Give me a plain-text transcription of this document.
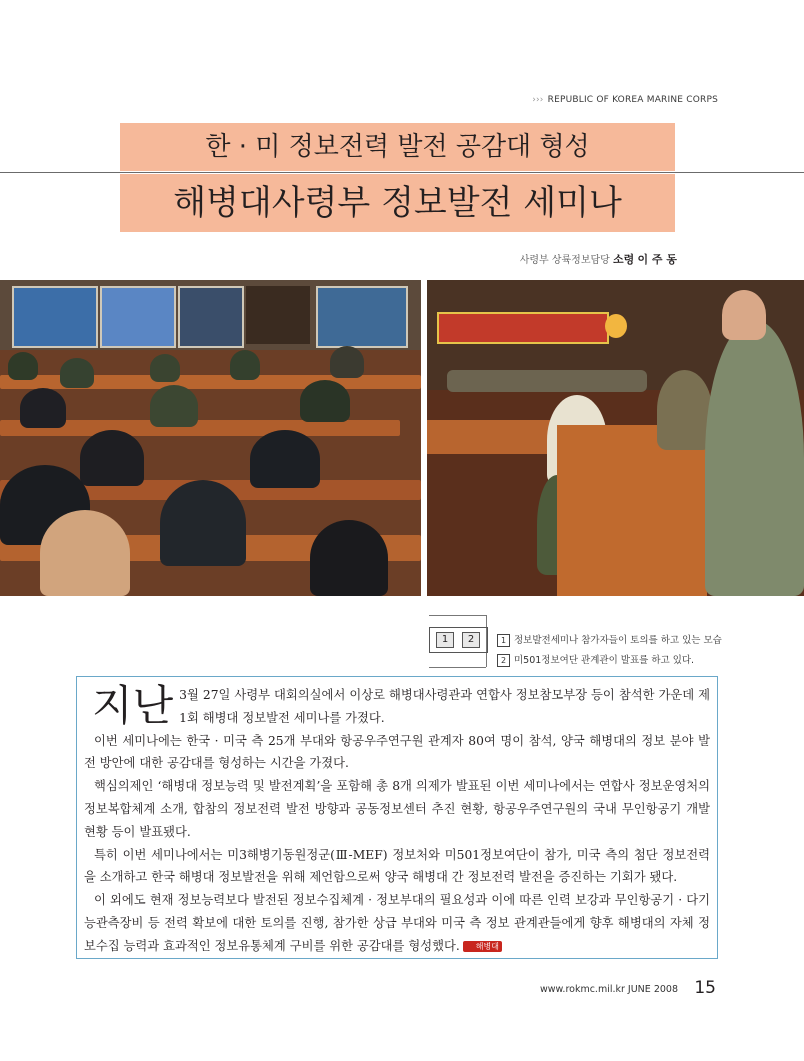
››› REPUBLIC OF KOREA MARINE CORPS
한 · 미 정보전력 발전 공감대 형성
해병대사령부 정보발전 세미나
사령부 상륙정보담당 소령 이 주 동
1	2	1 정보발전세미나 참가자들이 토의를 하고 있는 모습
2 미501정보여단 관계관이 발표를 하고 있다.

지난 3월 27일 사령부 대회의실에서 이상로 해병대사령관과 연합사 정보참모부장 등이 참석한 가운데 제1회 해병대 정보발전 세미나를 가졌다.

이번 세미나에는 한국 · 미국 측 25개 부대와 항공우주연구원 관계자 80여 명이 참석, 양국 해병대의 정보 분야 발전 방안에 대한 공감대를 형성하는 시간을 가졌다.

핵심의제인 ‘해병대 정보능력 및 발전계획’을 포함해 총 8개 의제가 발표된 이번 세미나에서는 연합사 정보운영처의 정보복합체계 소개, 합참의 정보전력 발전 방향과 공동정보센터 추진 현황, 항공우주연구원의 국내 무인항공기 개발 현황 등이 발표됐다.

특히 이번 세미나에서는 미3해병기동원정군(Ⅲ-MEF) 정보처와 미501정보여단이 참가, 미국 측의 첨단 정보전력을 소개하고 한국 해병대 정보발전을 위해 제언함으로써 양국 해병대 간 정보전력 발전을 증진하는 기회가 됐다.

이 외에도 현재 정보능력보다 발전된 정보수집체계 · 정보부대의 필요성과 이에 따른 인력 보강과 무인항공기 · 다기능관측장비 등 전력 확보에 대한 토의를 진행, 참가한 상급 부대와 미국 측 정보 관계관들에게 향후 해병대의 자체 정보수집 능력과 효과적인 정보유통체계 구비를 위한 공감대를 형성했다. 해병대

www.rokmc.mil.kr JUNE 2008 15
